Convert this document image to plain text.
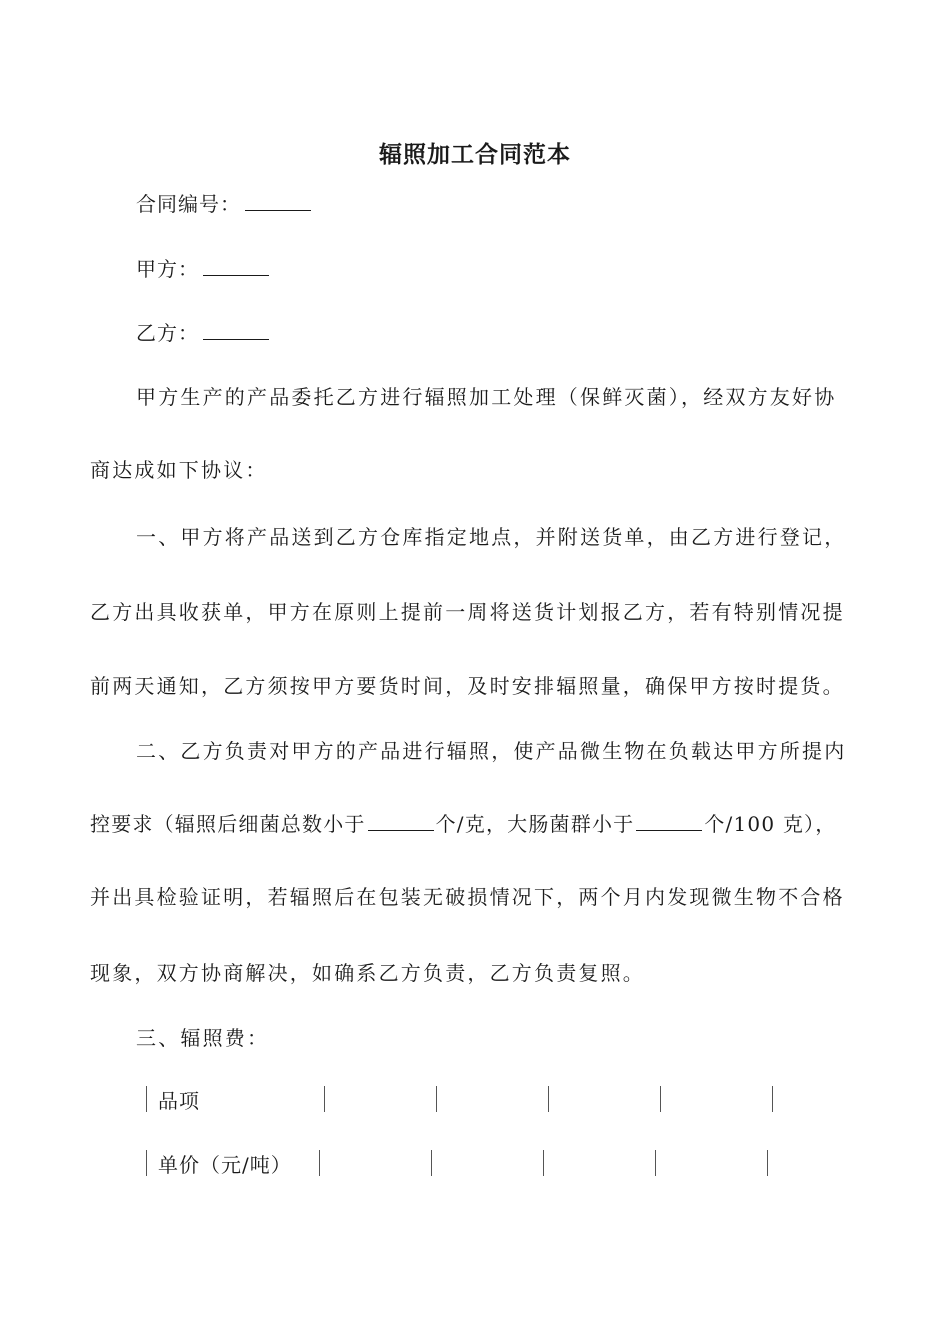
辐照加工合同范本
合同编号：
甲方：
乙方：
甲方生产的产品委托乙方进行辐照加工处理（保鲜灭菌），经双方友好协
商达成如下协议：
一、甲方将产品送到乙方仓库指定地点，并附送货单，由乙方进行登记，
乙方出具收获单，甲方在原则上提前一周将送货计划报乙方，若有特别情况提
前两天通知，乙方须按甲方要货时间，及时安排辐照量，确保甲方按时提货。
二、乙方负责对甲方的产品进行辐照，使产品微生物在负载达甲方所提内
控要求（辐照后细菌总数小于	个/克，大肠菌群小于	个/100 克），
并出具检验证明，若辐照后在包装无破损情况下，两个月内发现微生物不合格
现象，双方协商解决，如确系乙方负责，乙方负责复照。
三、辐照费：
品项
单价（元/吨）
